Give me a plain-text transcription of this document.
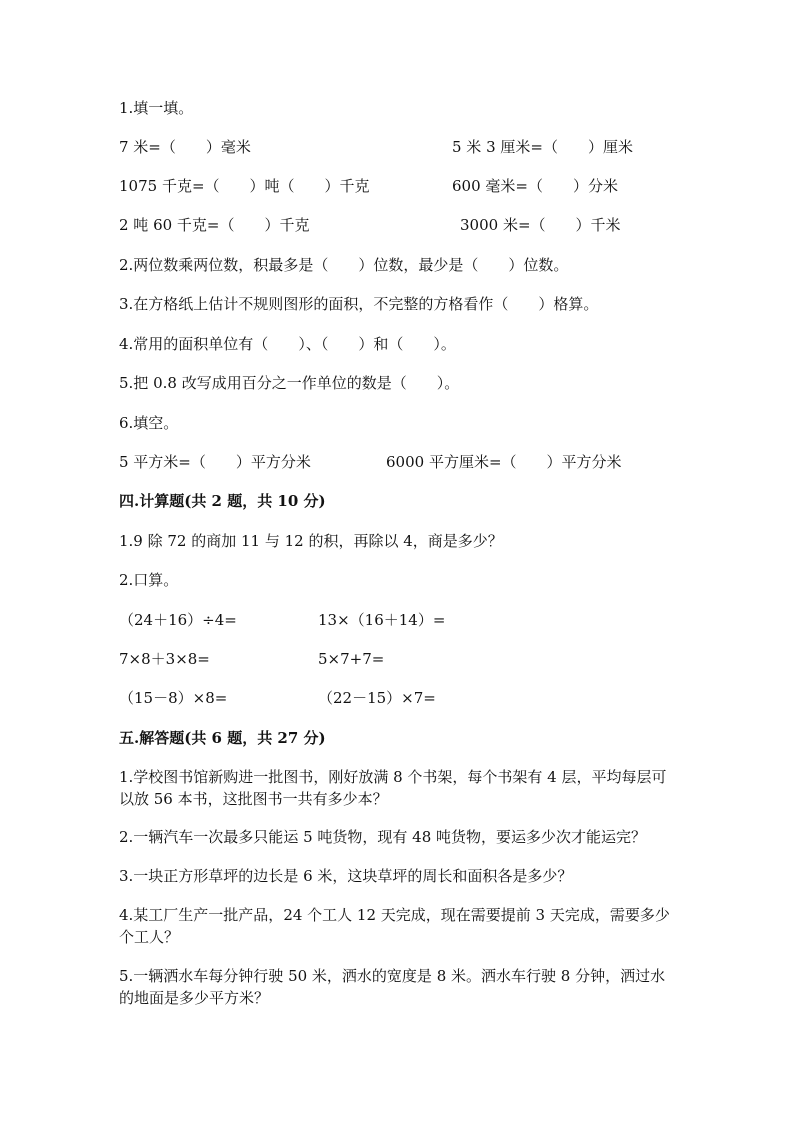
1.填一填。
7 米=（　　）毫米	5 米 3 厘米=（　　）厘米
1075 千克=（　　）吨（　　）千克	600 毫米=（　　）分米
2 吨 60 千克=（　　）千克	3000 米=（　　）千米
2.两位数乘两位数，积最多是（　　）位数，最少是（　　）位数。
3.在方格纸上估计不规则图形的面积，不完整的方格看作（　　）格算。
4.常用的面积单位有（　　）、（　　）和（　　）。
5.把 0.8 改写成用百分之一作单位的数是（　　）。
6.填空。
5 平方米=（　　）平方分米	6000 平方厘米=（　　）平方分米
四.计算题(共 2 题，共 10 分)
1.9 除 72 的商加 11 与 12 的积，再除以 4，商是多少？
2.口算。
（24＋16）÷4=	13×（16＋14）=
7×8＋3×8=	5×7+7=
（15－8）×8=	（22－15）×7=
五.解答题(共 6 题，共 27 分)
1.学校图书馆新购进一批图书，刚好放满 8 个书架，每个书架有 4 层，平均每层可以放 56 本书，这批图书一共有多少本？
2.一辆汽车一次最多只能运 5 吨货物，现有 48 吨货物，要运多少次才能运完？
3.一块正方形草坪的边长是 6 米，这块草坪的周长和面积各是多少？
4.某工厂生产一批产品，24 个工人 12 天完成，现在需要提前 3 天完成，需要多少个工人？
5.一辆洒水车每分钟行驶 50 米，洒水的宽度是 8 米。洒水车行驶 8 分钟，洒过水的地面是多少平方米？
